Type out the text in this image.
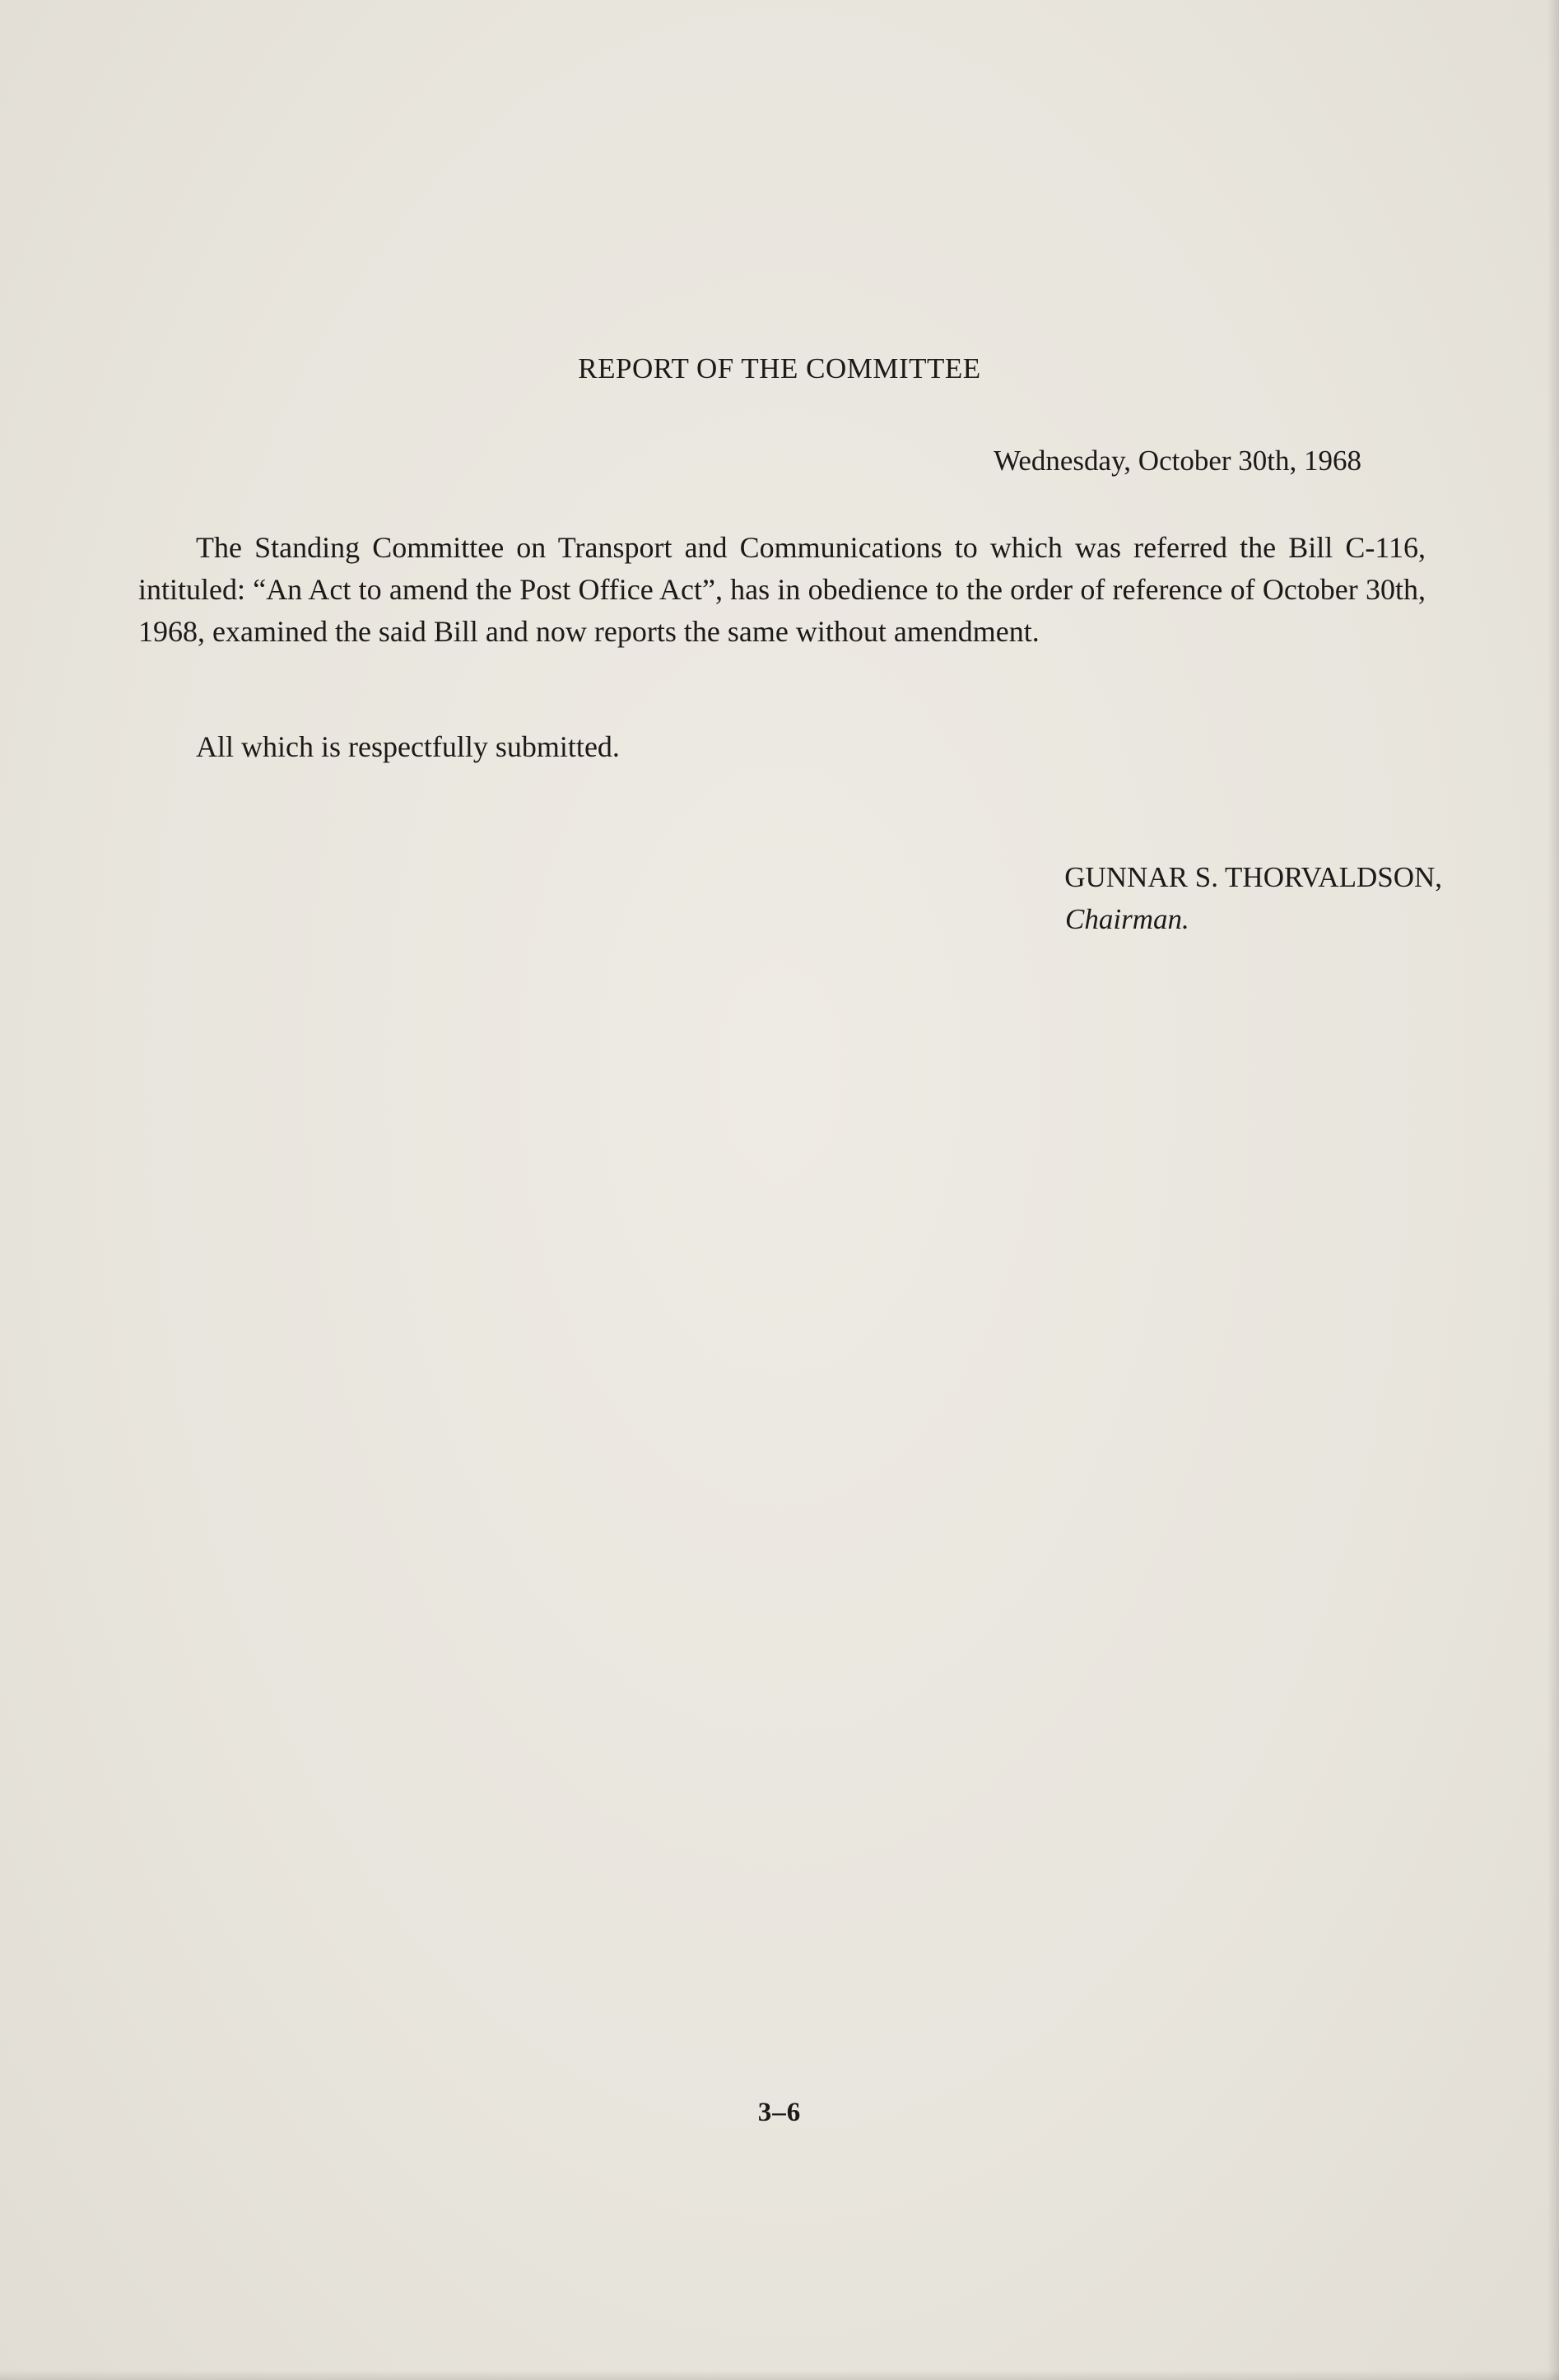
REPORT OF THE COMMITTEE

Wednesday, October 30th, 1968

The Standing Committee on Transport and Communications to which was referred the Bill C-116, intituled: “An Act to amend the Post Office Act”, has in obedience to the order of reference of October 30th, 1968, examined the said Bill and now reports the same without amendment.

All which is respectfully submitted.

GUNNAR S. THORVALDSON,
Chairman.
3–6
